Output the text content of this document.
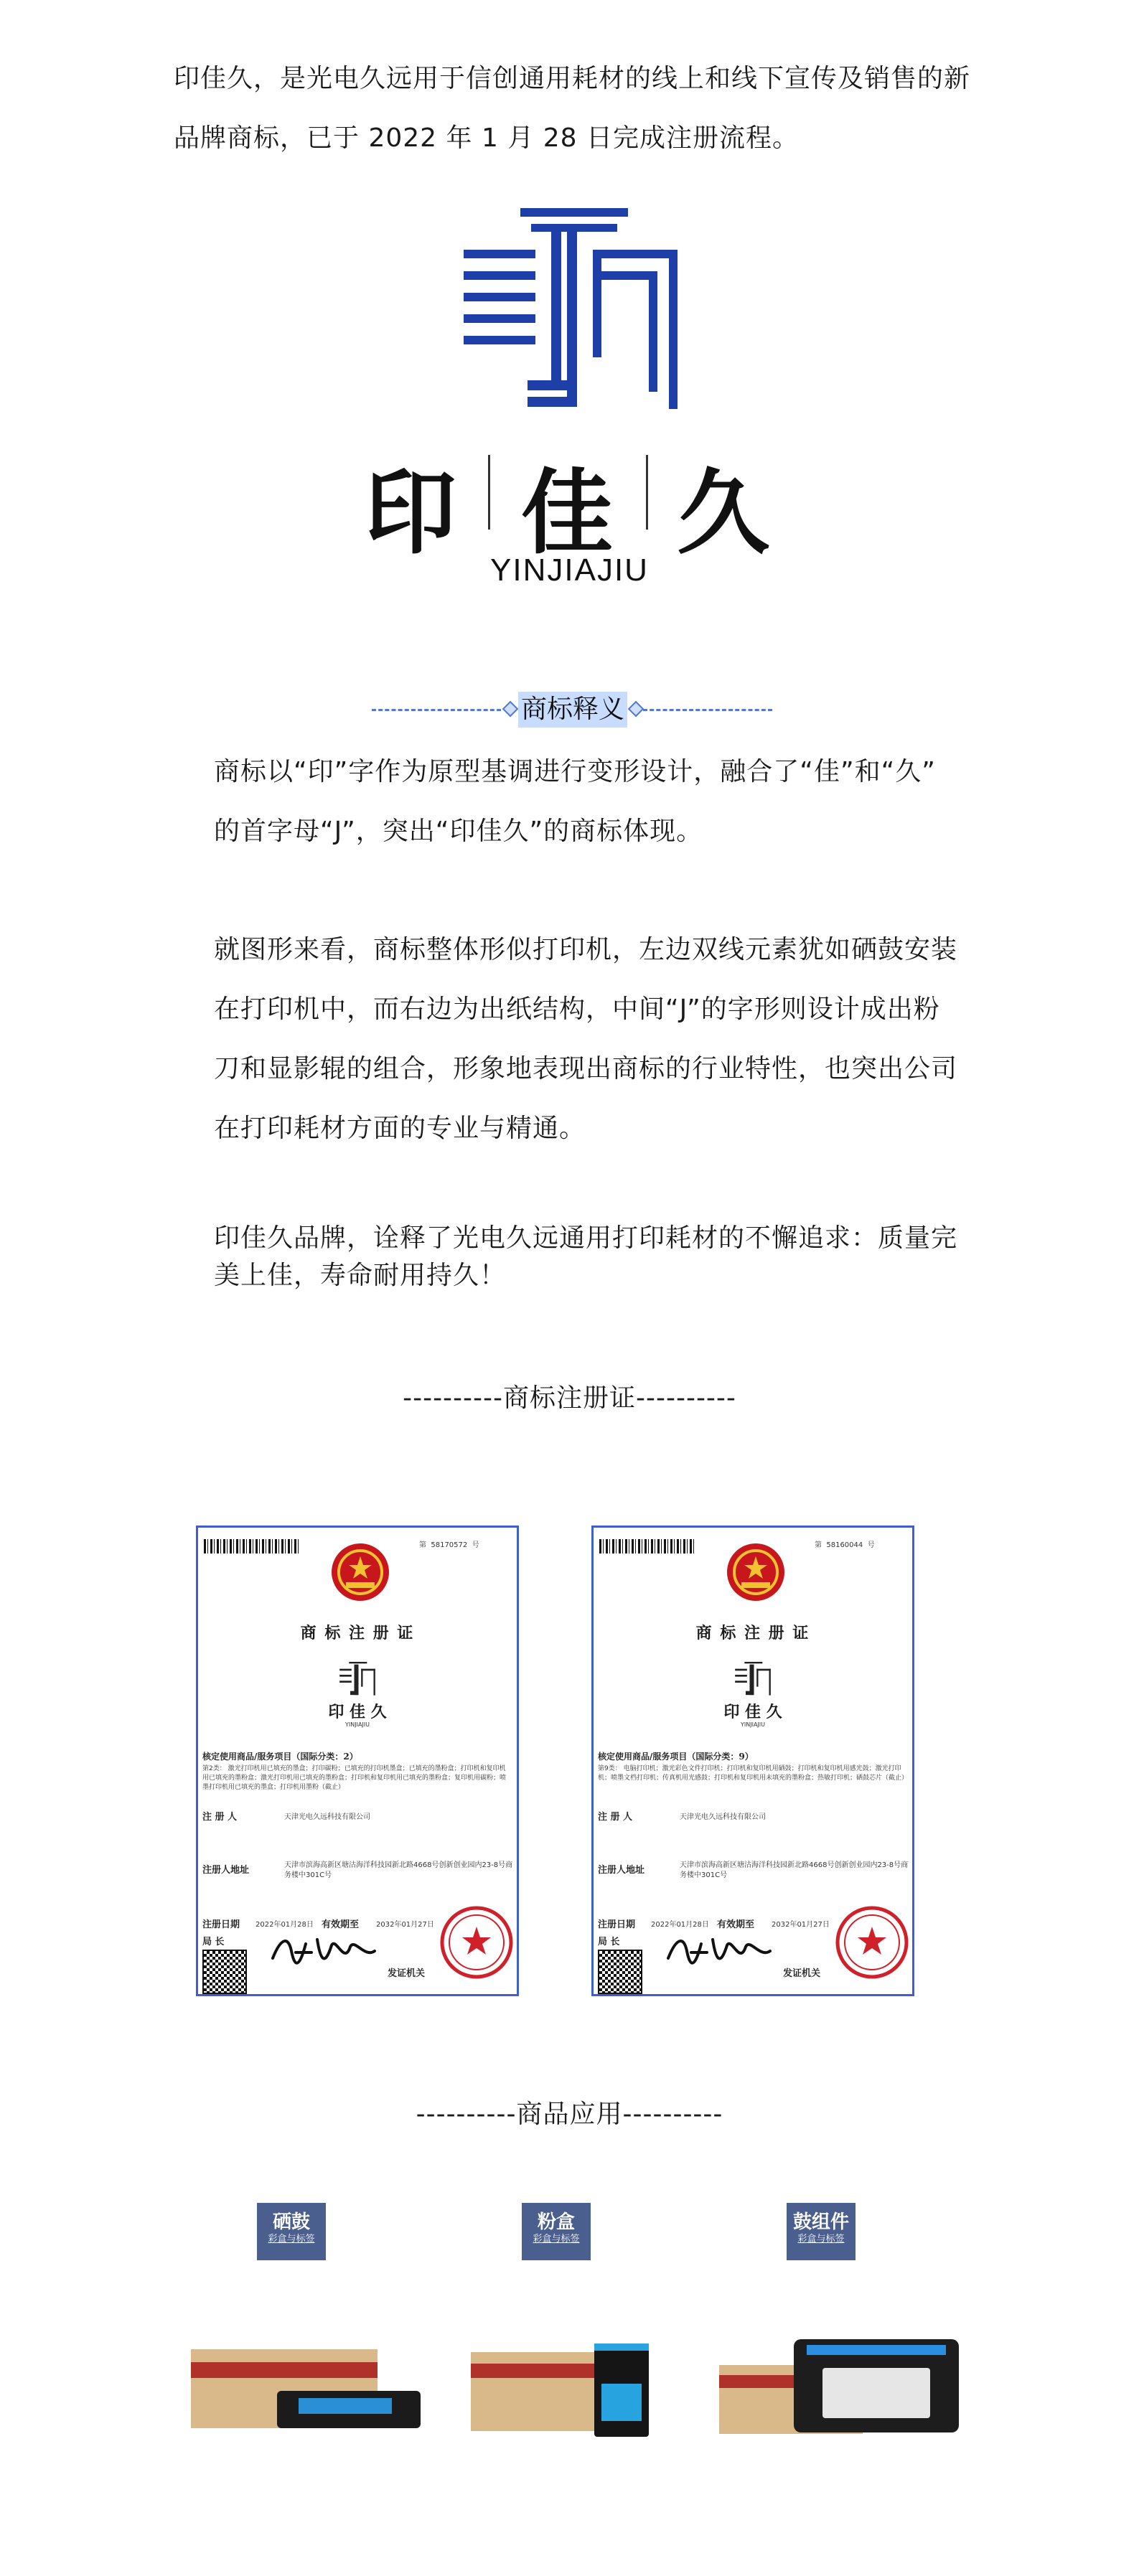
印佳久，是光电久远用于信创通用耗材的线上和线下宣传及销售的新

品牌商标，已于 2022 年 1 月 28 日完成注册流程。

印 佳 久
YINJIAJIU
商标释义

商标以“印”字作为原型基调进行变形设计，融合了“佳”和“久”

的首字母“J”，突出“印佳久”的商标体现。

就图形来看，商标整体形似打印机，左边双线元素犹如硒鼓安装

在打印机中，而右边为出纸结构，中间“J”的字形则设计成出粉

刀和显影辊的组合，形象地表现出商标的行业特性，也突出公司

在打印耗材方面的专业与精通。

印佳久品牌，诠释了光电久远通用打印耗材的不懈追求：质量完

美上佳，寿命耐用持久！

----------商标注册证----------
第 58170572 号
商 标 注 册 证
印 佳 久
YINJIAJIU
核定使用商品/服务项目（国际分类：2）
第2类： 激光打印机用已填充的墨盒；打印碳粉；已填充的打印机墨盒；已填充的墨粉盒；打印机和复印机用已填充的墨粉盒；激光打印机用已填充的墨粉盒；打印机和复印机用已填充的墨粉盒；复印机用碳粉；喷墨打印机用已填充的墨盒；打印机用墨粉（截止）
注 册 人	天津光电久远科技有限公司
注册人地址	天津市滨海高新区塘沽海洋科技园新北路4668号创新创业园内23-8号商务楼中301C号
注册日期 2022年01月28日 有效期至 2032年01月27日
局 长
发证机关
第 58160044 号
商 标 注 册 证
印 佳 久
YINJIAJIU
核定使用商品/服务项目（国际分类：9）
第9类： 电脑打印机；激光彩色文件打印机；打印机和复印机用硒鼓；打印机和复印机用感光鼓；激光打印机；喷墨文档打印机；传真机用光感鼓；打印机和复印机用未填充的墨粉盒；热敏打印机；硒鼓芯片（截止）
注 册 人	天津光电久远科技有限公司
注册人地址	天津市滨海高新区塘沽海洋科技园新北路4668号创新创业园内23-8号商务楼中301C号
注册日期 2022年01月28日 有效期至 2032年01月27日
局 长
发证机关
----------商品应用----------
硒鼓
彩盒与标签
粉盒
彩盒与标签
鼓组件
彩盒与标签
